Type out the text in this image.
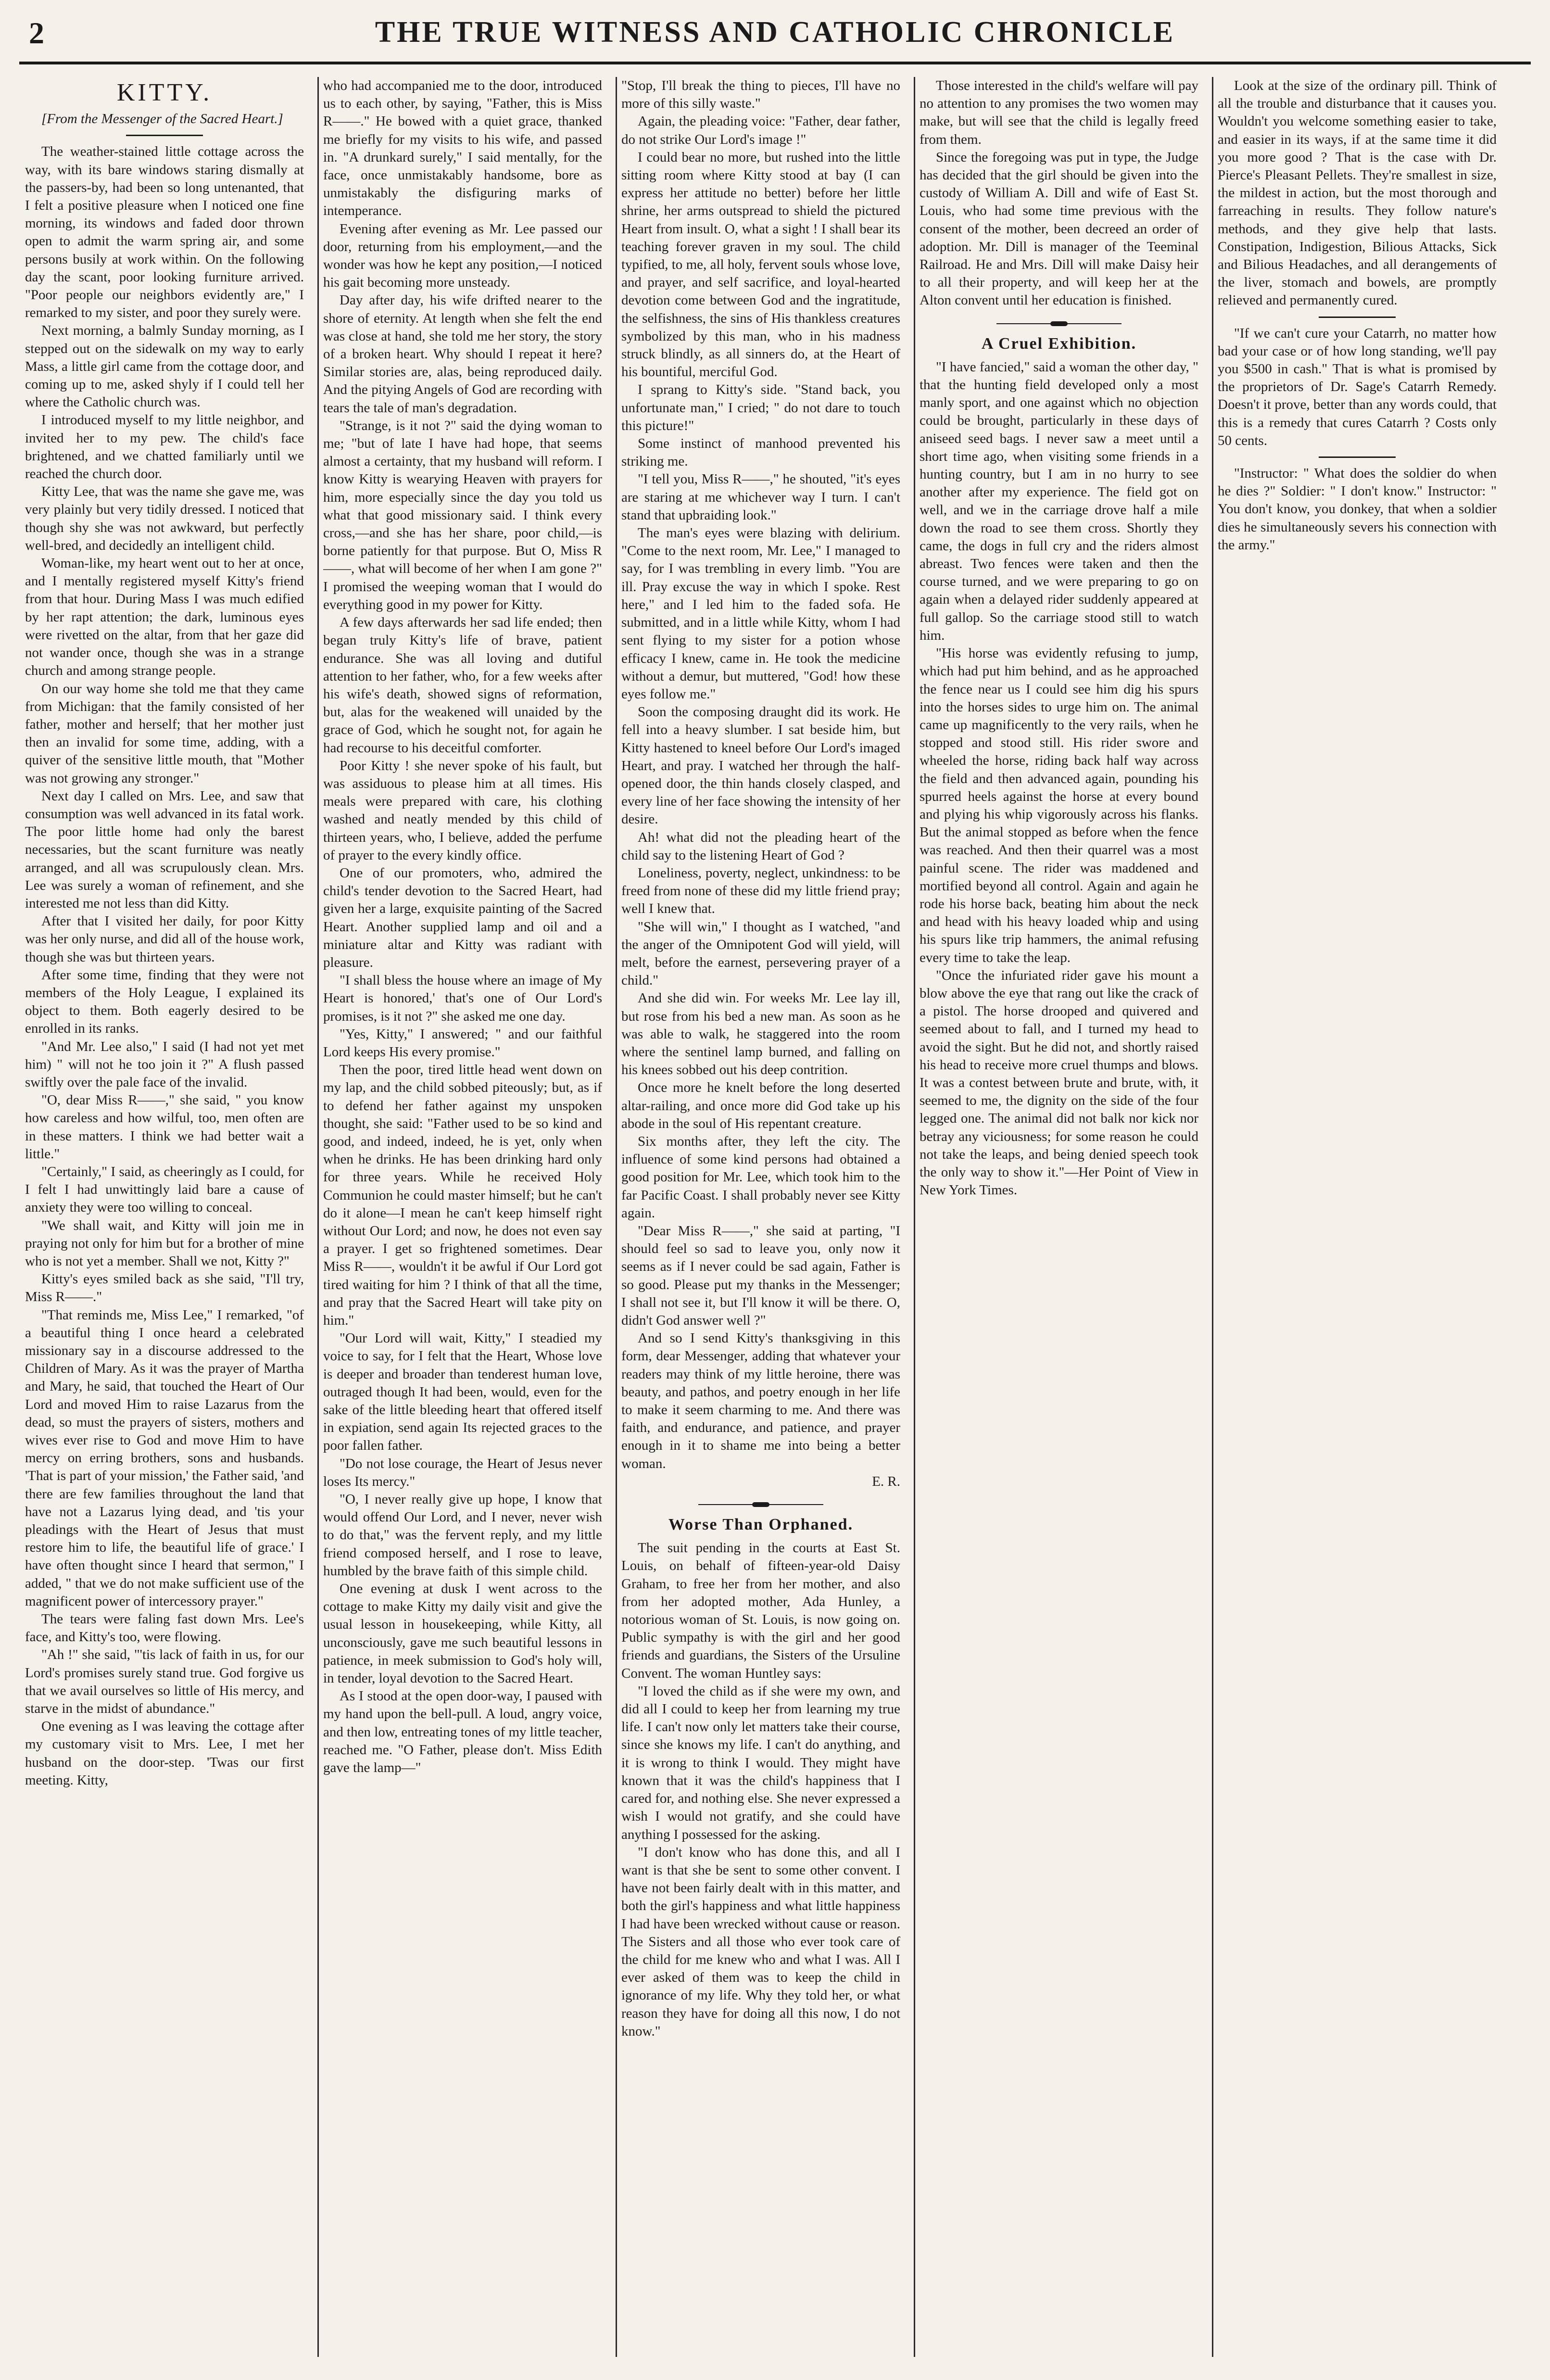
2	THE TRUE WITNESS AND CATHOLIC CHRONICLE
KITTY.

[From the Messenger of the Sacred Heart.]

The weather-stained little cottage across the way, with its bare windows staring dismally at the passers-by, had been so long untenanted, that I felt a positive pleasure when I noticed one fine morning, its windows and faded door thrown open to admit the warm spring air, and some persons busily at work within. On the following day the scant, poor looking furniture arrived. "Poor people our neighbors evidently are," I remarked to my sister, and poor they surely were.

Next morning, a balmly Sunday morning, as I stepped out on the sidewalk on my way to early Mass, a little girl came from the cottage door, and coming up to me, asked shyly if I could tell her where the Catholic church was.

I introduced myself to my little neighbor, and invited her to my pew. The child's face brightened, and we chatted familiarly until we reached the church door.

Kitty Lee, that was the name she gave me, was very plainly but very tidily dressed. I noticed that though shy she was not awkward, but perfectly well-bred, and decidedly an intelligent child.

Woman-like, my heart went out to her at once, and I mentally registered myself Kitty's friend from that hour. During Mass I was much edified by her rapt attention; the dark, luminous eyes were rivetted on the altar, from that her gaze did not wander once, though she was in a strange church and among strange people.

On our way home she told me that they came from Michigan: that the family consisted of her father, mother and herself; that her mother just then an invalid for some time, adding, with a quiver of the sensitive little mouth, that "Mother was not growing any stronger."

Next day I called on Mrs. Lee, and saw that consumption was well advanced in its fatal work. The poor little home had only the barest necessaries, but the scant furniture was neatly arranged, and all was scrupulously clean. Mrs. Lee was surely a woman of refinement, and she interested me not less than did Kitty.

After that I visited her daily, for poor Kitty was her only nurse, and did all of the house work, though she was but thirteen years.

After some time, finding that they were not members of the Holy League, I explained its object to them. Both eagerly desired to be enrolled in its ranks.

"And Mr. Lee also," I said (I had not yet met him) " will not he too join it ?" A flush passed swiftly over the pale face of the invalid.

"O, dear Miss R——," she said, " you know how careless and how wilful, too, men often are in these matters. I think we had better wait a little."

"Certainly," I said, as cheeringly as I could, for I felt I had unwittingly laid bare a cause of anxiety they were too willing to conceal.

"We shall wait, and Kitty will join me in praying not only for him but for a brother of mine who is not yet a member. Shall we not, Kitty ?"

Kitty's eyes smiled back as she said, "I'll try, Miss R——."

"That reminds me, Miss Lee," I remarked, "of a beautiful thing I once heard a celebrated missionary say in a discourse addressed to the Children of Mary. As it was the prayer of Martha and Mary, he said, that touched the Heart of Our Lord and moved Him to raise Lazarus from the dead, so must the prayers of sisters, mothers and wives ever rise to God and move Him to have mercy on erring brothers, sons and husbands. 'That is part of your mission,' the Father said, 'and there are few families throughout the land that have not a Lazarus lying dead, and 'tis your pleadings with the Heart of Jesus that must restore him to life, the beautiful life of grace.' I have often thought since I heard that sermon," I added, " that we do not make sufficient use of the magnificent power of intercessory prayer."

The tears were faling fast down Mrs. Lee's face, and Kitty's too, were flowing.

"Ah !" she said, "'tis lack of faith in us, for our Lord's promises surely stand true. God forgive us that we avail ourselves so little of His mercy, and starve in the midst of abundance."

One evening as I was leaving the cottage after my customary visit to Mrs. Lee, I met her husband on the door-step. 'Twas our first meeting. Kitty,

who had accompanied me to the door, introduced us to each other, by saying, "Father, this is Miss R——." He bowed with a quiet grace, thanked me briefly for my visits to his wife, and passed in. "A drunkard surely," I said mentally, for the face, once unmistakably handsome, bore as unmistakably the disfiguring marks of intemperance.

Evening after evening as Mr. Lee passed our door, returning from his employment,—and the wonder was how he kept any position,—I noticed his gait becoming more unsteady.

Day after day, his wife drifted nearer to the shore of eternity. At length when she felt the end was close at hand, she told me her story, the story of a broken heart. Why should I repeat it here? Similar stories are, alas, being reproduced daily. And the pitying Angels of God are recording with tears the tale of man's degradation.

"Strange, is it not ?" said the dying woman to me; "but of late I have had hope, that seems almost a certainty, that my husband will reform. I know Kitty is wearying Heaven with prayers for him, more especially since the day you told us what that good missionary said. I think every cross,—and she has her share, poor child,—is borne patiently for that purpose. But O, Miss R——, what will become of her when I am gone ?" I promised the weeping woman that I would do everything good in my power for Kitty.

A few days afterwards her sad life ended; then began truly Kitty's life of brave, patient endurance. She was all loving and dutiful attention to her father, who, for a few weeks after his wife's death, showed signs of reformation, but, alas for the weakened will unaided by the grace of God, which he sought not, for again he had recourse to his deceitful comforter.

Poor Kitty ! she never spoke of his fault, but was assiduous to please him at all times. His meals were prepared with care, his clothing washed and neatly mended by this child of thirteen years, who, I believe, added the perfume of prayer to the every kindly office.

One of our promoters, who, admired the child's tender devotion to the Sacred Heart, had given her a large, exquisite painting of the Sacred Heart. Another supplied lamp and oil and a miniature altar and Kitty was radiant with pleasure.

"I shall bless the house where an image of My Heart is honored,' that's one of Our Lord's promises, is it not ?" she asked me one day.

"Yes, Kitty," I answered; " and our faithful Lord keeps His every promise."

Then the poor, tired little head went down on my lap, and the child sobbed piteously; but, as if to defend her father against my unspoken thought, she said: "Father used to be so kind and good, and indeed, indeed, he is yet, only when when he drinks. He has been drinking hard only for three years. While he received Holy Communion he could master himself; but he can't do it alone—I mean he can't keep himself right without Our Lord; and now, he does not even say a prayer. I get so frightened sometimes. Dear Miss R——, wouldn't it be awful if Our Lord got tired waiting for him ? I think of that all the time, and pray that the Sacred Heart will take pity on him."

"Our Lord will wait, Kitty," I steadied my voice to say, for I felt that the Heart, Whose love is deeper and broader than tenderest human love, outraged though It had been, would, even for the sake of the little bleeding heart that offered itself in expiation, send again Its rejected graces to the poor fallen father.

"Do not lose courage, the Heart of Jesus never loses Its mercy."

"O, I never really give up hope, I know that would offend Our Lord, and I never, never wish to do that," was the fervent reply, and my little friend composed herself, and I rose to leave, humbled by the brave faith of this simple child.

One evening at dusk I went across to the cottage to make Kitty my daily visit and give the usual lesson in housekeeping, while Kitty, all unconsciously, gave me such beautiful lessons in patience, in meek submission to God's holy will, in tender, loyal devotion to the Sacred Heart.

As I stood at the open door-way, I paused with my hand upon the bell-pull. A loud, angry voice, and then low, entreating tones of my little teacher, reached me. "O Father, please don't. Miss Edith gave the lamp—"

"Stop, I'll break the thing to pieces, I'll have no more of this silly waste."

Again, the pleading voice: "Father, dear father, do not strike Our Lord's image !"

I could bear no more, but rushed into the little sitting room where Kitty stood at bay (I can express her attitude no better) before her little shrine, her arms outspread to shield the pictured Heart from insult. O, what a sight ! I shall bear its teaching forever graven in my soul. The child typified, to me, all holy, fervent souls whose love, and prayer, and self sacrifice, and loyal-hearted devotion come between God and the ingratitude, the selfishness, the sins of His thankless creatures symbolized by this man, who in his madness struck blindly, as all sinners do, at the Heart of his bountiful, merciful God.

I sprang to Kitty's side. "Stand back, you unfortunate man," I cried; " do not dare to touch this picture!"

Some instinct of manhood prevented his striking me.

"I tell you, Miss R——," he shouted, "it's eyes are staring at me whichever way I turn. I can't stand that upbraiding look."

The man's eyes were blazing with delirium. "Come to the next room, Mr. Lee," I managed to say, for I was trembling in every limb. "You are ill. Pray excuse the way in which I spoke. Rest here," and I led him to the faded sofa. He submitted, and in a little while Kitty, whom I had sent flying to my sister for a potion whose efficacy I knew, came in. He took the medicine without a demur, but muttered, "God! how these eyes follow me."

Soon the composing draught did its work. He fell into a heavy slumber. I sat beside him, but Kitty hastened to kneel before Our Lord's imaged Heart, and pray. I watched her through the half-opened door, the thin hands closely clasped, and every line of her face showing the intensity of her desire.

Ah! what did not the pleading heart of the child say to the listening Heart of God ?

Loneliness, poverty, neglect, unkindness: to be freed from none of these did my little friend pray; well I knew that.

"She will win," I thought as I watched, "and the anger of the Omnipotent God will yield, will melt, before the earnest, persevering prayer of a child."

And she did win. For weeks Mr. Lee lay ill, but rose from his bed a new man. As soon as he was able to walk, he staggered into the room where the sentinel lamp burned, and falling on his knees sobbed out his deep contrition.

Once more he knelt before the long deserted altar-railing, and once more did God take up his abode in the soul of His repentant creature.

Six months after, they left the city. The influence of some kind persons had obtained a good position for Mr. Lee, which took him to the far Pacific Coast. I shall probably never see Kitty again.

"Dear Miss R——," she said at parting, "I should feel so sad to leave you, only now it seems as if I never could be sad again, Father is so good. Please put my thanks in the Messenger; I shall not see it, but I'll know it will be there. O, didn't God answer well ?"

And so I send Kitty's thanksgiving in this form, dear Messenger, adding that whatever your readers may think of my little heroine, there was beauty, and pathos, and poetry enough in her life to make it seem charming to me. And there was faith, and endurance, and patience, and prayer enough in it to shame me into being a better woman.

E. R.

Worse Than Orphaned.

The suit pending in the courts at East St. Louis, on behalf of fifteen-year-old Daisy Graham, to free her from her mother, and also from her adopted mother, Ada Hunley, a notorious woman of St. Louis, is now going on. Public sympathy is with the girl and her good friends and guardians, the Sisters of the Ursuline Convent. The woman Huntley says:

"I loved the child as if she were my own, and did all I could to keep her from learning my true life. I can't now only let matters take their course, since she knows my life. I can't do anything, and it is wrong to think I would. They might have known that it was the child's happiness that I cared for, and nothing else. She never expressed a wish I would not gratify, and she could have anything I possessed for the asking.

"I don't know who has done this, and all I want is that she be sent to some other convent. I have not been fairly dealt with in this matter, and both the girl's happiness and what little happiness I had have been wrecked without cause or reason. The Sisters and all those who ever took care of the child for me knew who and what I was. All I ever asked of them was to keep the child in ignorance of my life. Why they told her, or what reason they have for doing all this now, I do not know."

Those interested in the child's welfare will pay no attention to any promises the two women may make, but will see that the child is legally freed from them.

Since the foregoing was put in type, the Judge has decided that the girl should be given into the custody of William A. Dill and wife of East St. Louis, who had some time previous with the consent of the mother, been decreed an order of adoption. Mr. Dill is manager of the Teeminal Railroad. He and Mrs. Dill will make Daisy heir to all their property, and will keep her at the Alton convent until her education is finished.

A Cruel Exhibition.

"I have fancied," said a woman the other day, " that the hunting field developed only a most manly sport, and one against which no objection could be brought, particularly in these days of aniseed seed bags. I never saw a meet until a short time ago, when visiting some friends in a hunting country, but I am in no hurry to see another after my experience. The field got on well, and we in the carriage drove half a mile down the road to see them cross. Shortly they came, the dogs in full cry and the riders almost abreast. Two fences were taken and then the course turned, and we were preparing to go on again when a delayed rider suddenly appeared at full gallop. So the carriage stood still to watch him.

"His horse was evidently refusing to jump, which had put him behind, and as he approached the fence near us I could see him dig his spurs into the horses sides to urge him on. The animal came up magnificently to the very rails, when he stopped and stood still. His rider swore and wheeled the horse, riding back half way across the field and then advanced again, pounding his spurred heels against the horse at every bound and plying his whip vigorously across his flanks. But the animal stopped as before when the fence was reached. And then their quarrel was a most painful scene. The rider was maddened and mortified beyond all control. Again and again he rode his horse back, beating him about the neck and head with his heavy loaded whip and using his spurs like trip hammers, the animal refusing every time to take the leap.

"Once the infuriated rider gave his mount a blow above the eye that rang out like the crack of a pistol. The horse drooped and quivered and seemed about to fall, and I turned my head to avoid the sight. But he did not, and shortly raised his head to receive more cruel thumps and blows. It was a contest between brute and brute, with, it seemed to me, the dignity on the side of the four legged one. The animal did not balk nor kick nor betray any viciousness; for some reason he could not take the leaps, and being denied speech took the only way to show it."—Her Point of View in New York Times.

Look at the size of the ordinary pill. Think of all the trouble and disturbance that it causes you. Wouldn't you welcome something easier to take, and easier in its ways, if at the same time it did you more good ? That is the case with Dr. Pierce's Pleasant Pellets. They're smallest in size, the mildest in action, but the most thorough and farreaching in results. They follow nature's methods, and they give help that lasts. Constipation, Indigestion, Bilious Attacks, Sick and Bilious Headaches, and all derangements of the liver, stomach and bowels, are promptly relieved and permanently cured.

"If we can't cure your Catarrh, no matter how bad your case or of how long standing, we'll pay you $500 in cash." That is what is promised by the proprietors of Dr. Sage's Catarrh Remedy. Doesn't it prove, better than any words could, that this is a remedy that cures Catarrh ? Costs only 50 cents.

"Instructor: " What does the soldier do when he dies ?" Soldier: " I don't know." Instructor: " You don't know, you donkey, that when a soldier dies he simultaneously severs his connection with the army."
